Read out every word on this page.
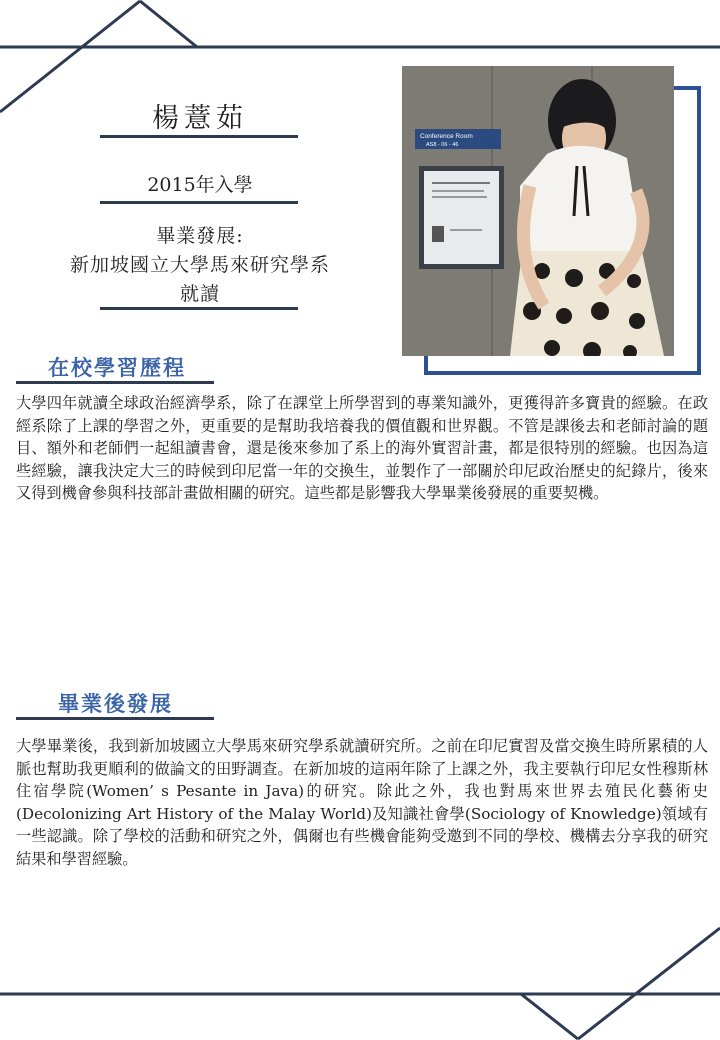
楊薏茹
2015年入學
畢業發展:
新加坡國立大學馬來研究學系
就讀
Conference Room
AS8 - 06 - 46
在校學習歷程
大學四年就讀全球政治經濟學系，除了在課堂上所學習到的專業知識外，更獲得許多寶貴的經驗。在政經系除了上課的學習之外，更重要的是幫助我培養我的價值觀和世界觀。不管是課後去和老師討論的題目、額外和老師們一起組讀書會，還是後來參加了系上的海外實習計畫，都是很特別的經驗。也因為這些經驗，讓我決定大三的時候到印尼當一年的交換生，並製作了一部關於印尼政治歷史的紀錄片，後來又得到機會參與科技部計畫做相關的研究。這些都是影響我大學畢業後發展的重要契機。
畢業後發展
大學畢業後，我到新加坡國立大學馬來研究學系就讀研究所。之前在印尼實習及當交換生時所累積的人脈也幫助我更順利的做論文的田野調查。在新加坡的這兩年除了上課之外，我主要執行印尼女性穆斯林住宿學院(Women’ s Pesante in Java)的研究。除此之外，我也對馬來世界去殖民化藝術史(Decolonizing Art History of the Malay World)及知識社會學(Sociology of Knowledge)領域有一些認識。除了學校的活動和研究之外，偶爾也有些機會能夠受邀到不同的學校、機構去分享我的研究結果和學習經驗。
